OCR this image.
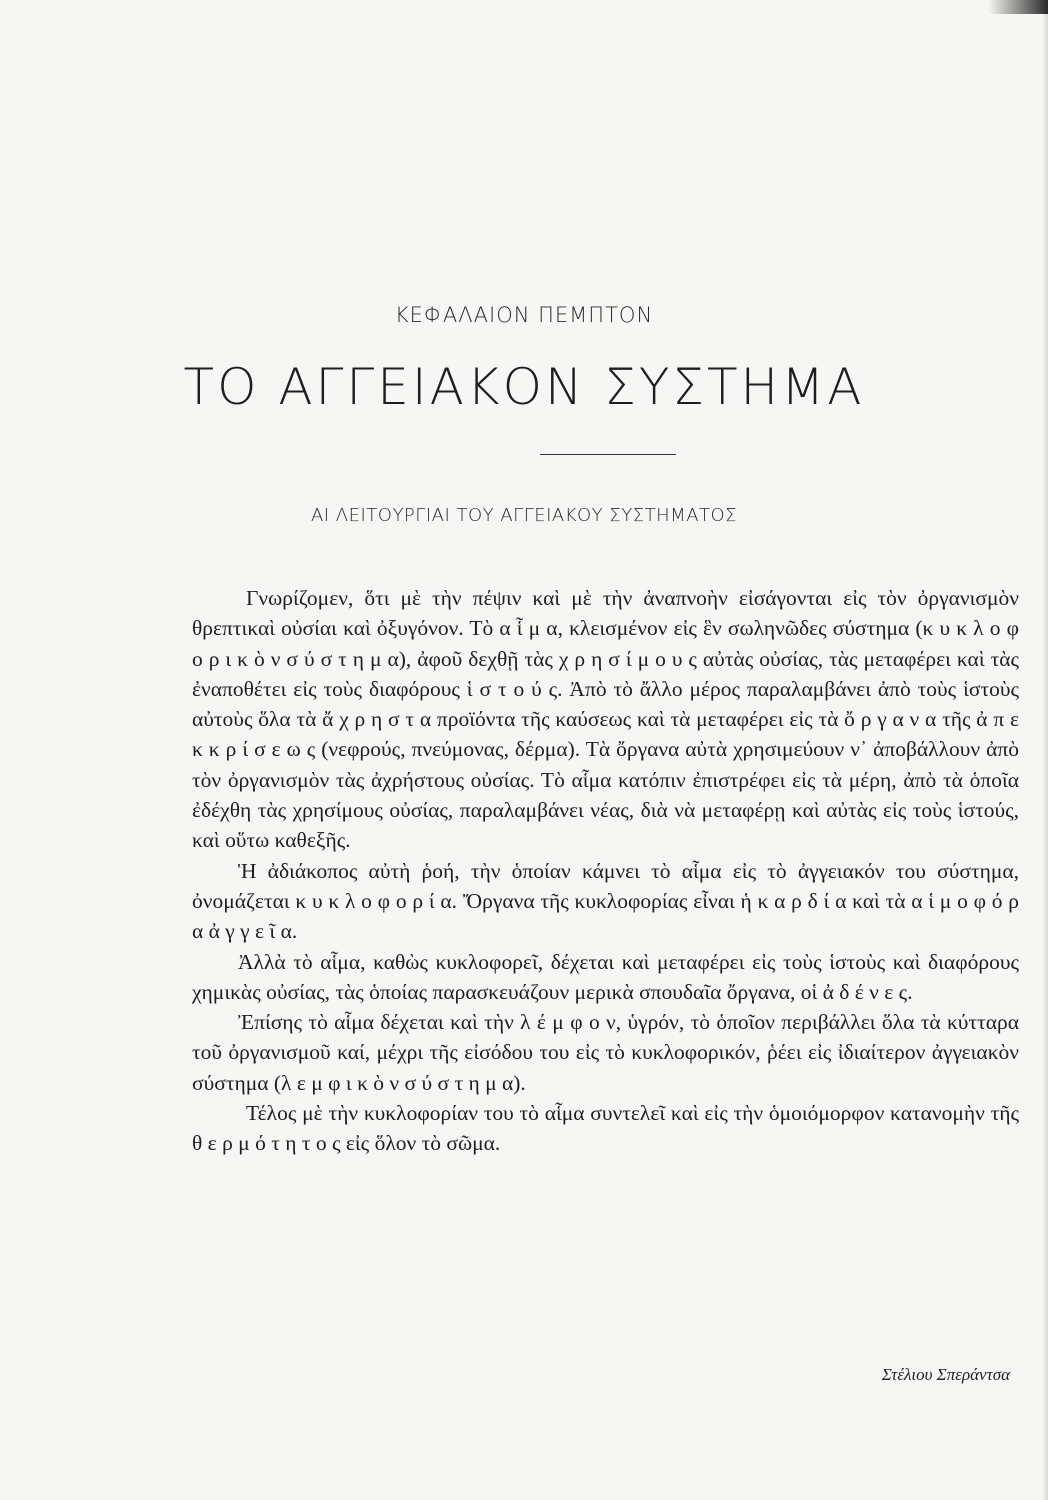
ΚΕΦΑΛΑΙΟΝ ΠΕΜΠΤΟΝ
ΤΟ ΑΓΓΕΙΑΚΟΝ ΣΥΣΤΗΜΑ
ΑΙ ΛΕΙΤΟΥΡΓΙΑΙ ΤΟΥ ΑΓΓΕΙΑΚΟΥ ΣΥΣΤΗΜΑΤΟΣ

Γνωρίζομεν, ὅτι μὲ τὴν πέψιν καὶ μὲ τὴν ἀναπνοὴν εἰσάγονται εἰς τὸν ὀργανισμὸν θρεπτικαὶ οὐσίαι καὶ ὀξυγόνον. Τὸ α ἷ μ α, κλεισμένον εἰς ἓν σωληνῶδες σύστημα (κ υ κ λ ο φ ο ρ ι κ ὸ ν σ ύ σ τ η μ α), ἀφοῦ δεχθῇ τὰς χ ρ η σ ί μ ο υ ς αὐτὰς οὐσίας, τὰς μεταφέρει καὶ τὰς ἐναποθέτει εἰς τοὺς διαφόρους ἱ σ τ ο ύ ς. Ἀπὸ τὸ ἄλλο μέρος παραλαμβάνει ἀπὸ τοὺς ἱστοὺς αὐτοὺς ὅλα τὰ ἄ χ ρ η σ τ α προϊόντα τῆς καύσεως καὶ τὰ μεταφέρει εἰς τὰ ὄ ρ γ α ν α τῆς ἀ π ε κ κ ρ ί σ ε ω ς (νεφρούς, πνεύμονας, δέρμα). Τὰ ὄργανα αὐτὰ χρησιμεύουν ν᾽ ἀποβάλλουν ἀπὸ τὸν ὀργανισμὸν τὰς ἀχρήστους οὐσίας. Τὸ αἷμα κατόπιν ἐπιστρέφει εἰς τὰ μέρη, ἀπὸ τὰ ὁποῖα ἐδέχθη τὰς χρησίμους οὐσίας, παραλαμβάνει νέας, διὰ νὰ μεταφέρῃ καὶ αὐτὰς εἰς τοὺς ἱστούς, καὶ οὕτω καθεξῆς.

Ἡ ἀδιάκοπος αὐτὴ ῥοή, τὴν ὁποίαν κάμνει τὸ αἷμα εἰς τὸ ἀγγειακόν του σύστημα, ὀνομάζεται κ υ κ λ ο φ ο ρ ί α. Ὄργανα τῆς κυκλοφορίας εἶναι ἡ κ α ρ δ ί α καὶ τὰ α ἱ μ ο φ ό ρ α ἀ γ γ ε ῖ α.

Ἀλλὰ τὸ αἷμα, καθὼς κυκλοφορεῖ, δέχεται καὶ μεταφέρει εἰς τοὺς ἱστοὺς καὶ διαφόρους χημικὰς οὐσίας, τὰς ὁποίας παρασκευάζουν μερικὰ σπουδαῖα ὄργανα, οἱ ἀ δ έ ν ε ς.

Ἐπίσης τὸ αἷμα δέχεται καὶ τὴν λ έ μ φ ο ν, ὑγρόν, τὸ ὁποῖον περιβάλλει ὅλα τὰ κύτταρα τοῦ ὀργανισμοῦ καί, μέχρι τῆς εἰσόδου του εἰς τὸ κυκλοφορικόν, ῥέει εἰς ἰδιαίτερον ἀγγειακὸν σύστημα (λ ε μ φ ι κ ὸ ν σ ύ σ τ η μ α).

Τέλος μὲ τὴν κυκλοφορίαν του τὸ αἷμα συντελεῖ καὶ εἰς τὴν ὁμοιόμορφον κατανομὴν τῆς θ ε ρ μ ό τ η τ ο ς εἰς ὅλον τὸ σῶμα.

Στέλιου Σπεράντσα
